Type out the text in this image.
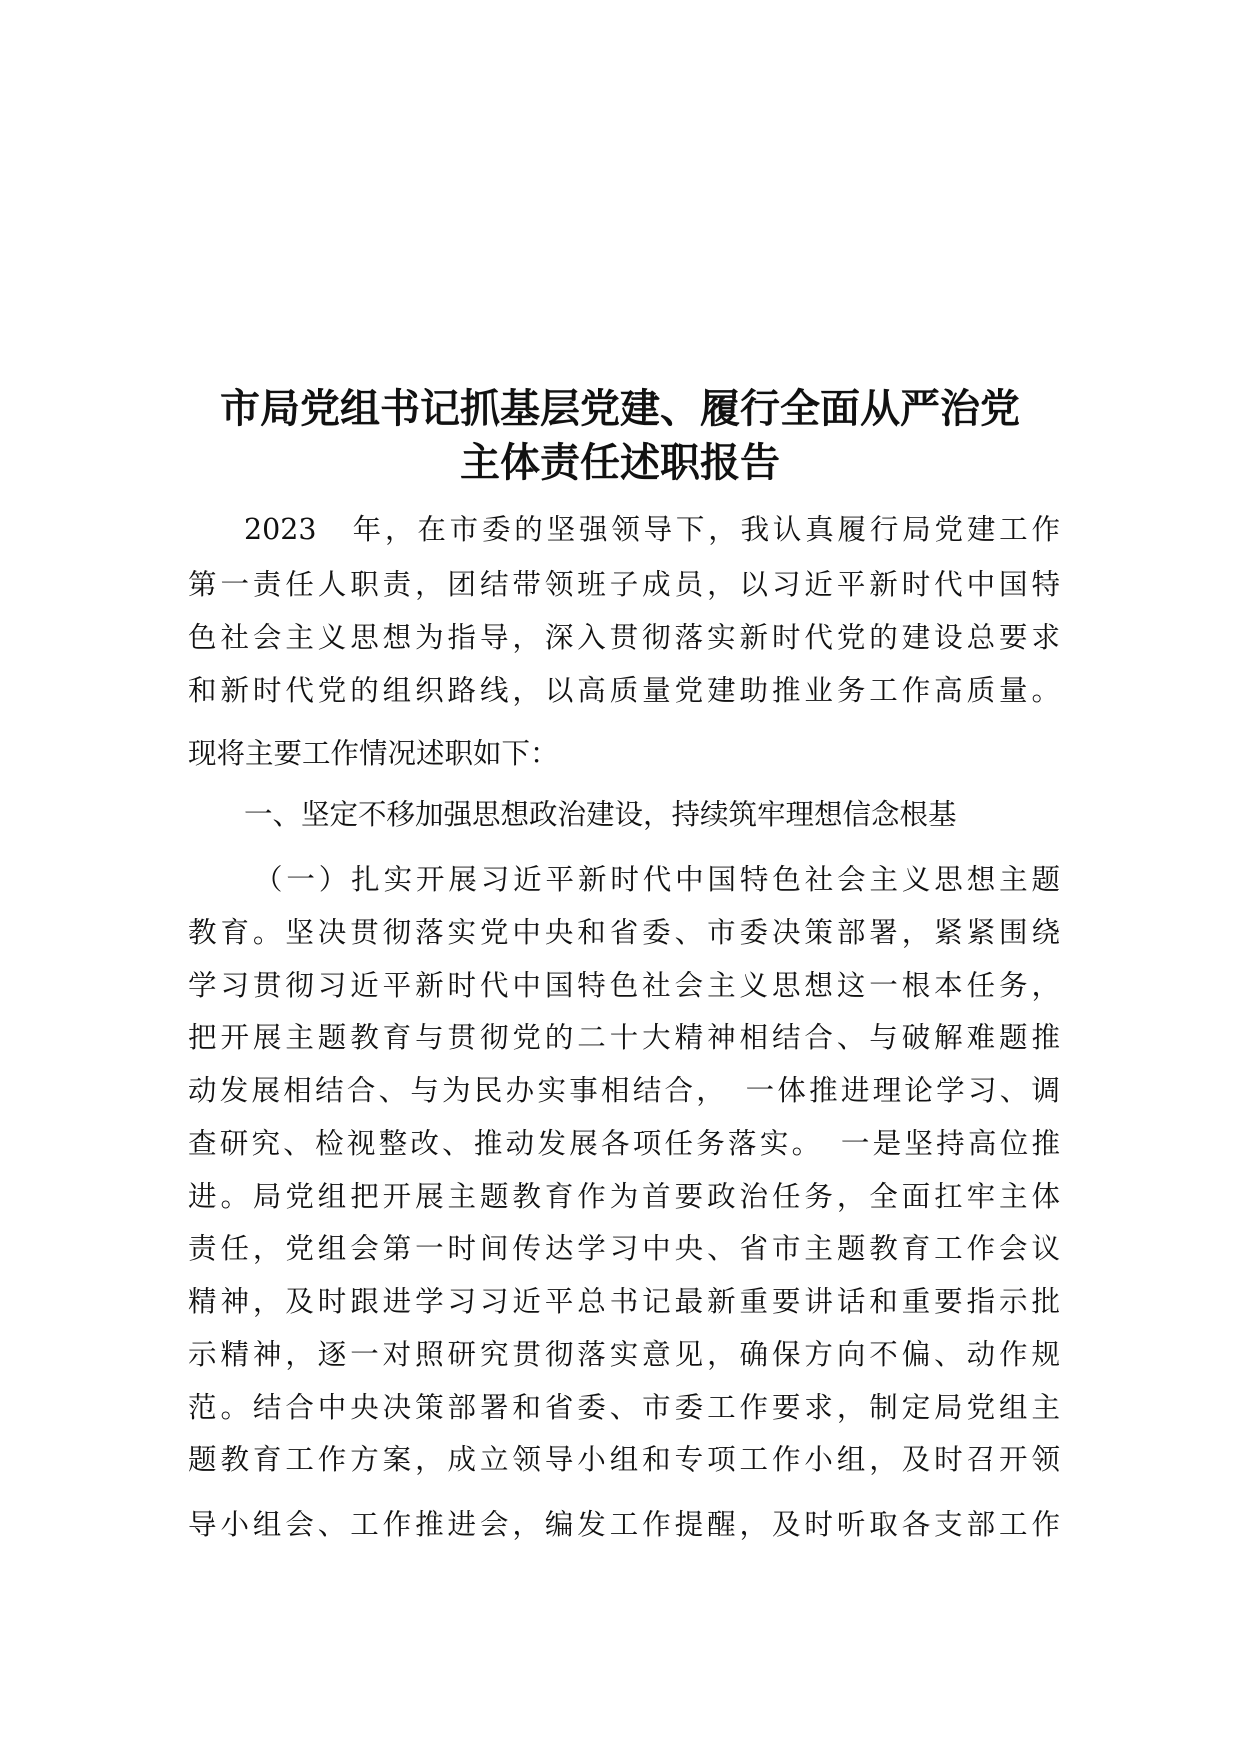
市局党组书记抓基层党建、履行全面从严治党
主体责任述职报告

2023　年，在市委的坚强领导下，我认真履行局党建工作

第一责任人职责，团结带领班子成员，以习近平新时代中国特

色社会主义思想为指导，深入贯彻落实新时代党的建设总要求

和新时代党的组织路线，以高质量党建助推业务工作高质量。

现将主要工作情况述职如下：

一、坚定不移加强思想政治建设，持续筑牢理想信念根基

（一）扎实开展习近平新时代中国特色社会主义思想主题

教育。坚决贯彻落实党中央和省委、市委决策部署，紧紧围绕

学习贯彻习近平新时代中国特色社会主义思想这一根本任务，

把开展主题教育与贯彻党的二十大精神相结合、与破解难题推

动发展相结合、与为民办实事相结合，　一体推进理论学习、调

查研究、检视整改、推动发展各项任务落实。　一是坚持高位推

进。局党组把开展主题教育作为首要政治任务，全面扛牢主体

责任，党组会第一时间传达学习中央、省市主题教育工作会议

精神，及时跟进学习习近平总书记最新重要讲话和重要指示批

示精神，逐一对照研究贯彻落实意见，确保方向不偏、动作规

范。结合中央决策部署和省委、市委工作要求，制定局党组主

题教育工作方案，成立领导小组和专项工作小组，及时召开领

导小组会、工作推进会，编发工作提醒，及时听取各支部工作
